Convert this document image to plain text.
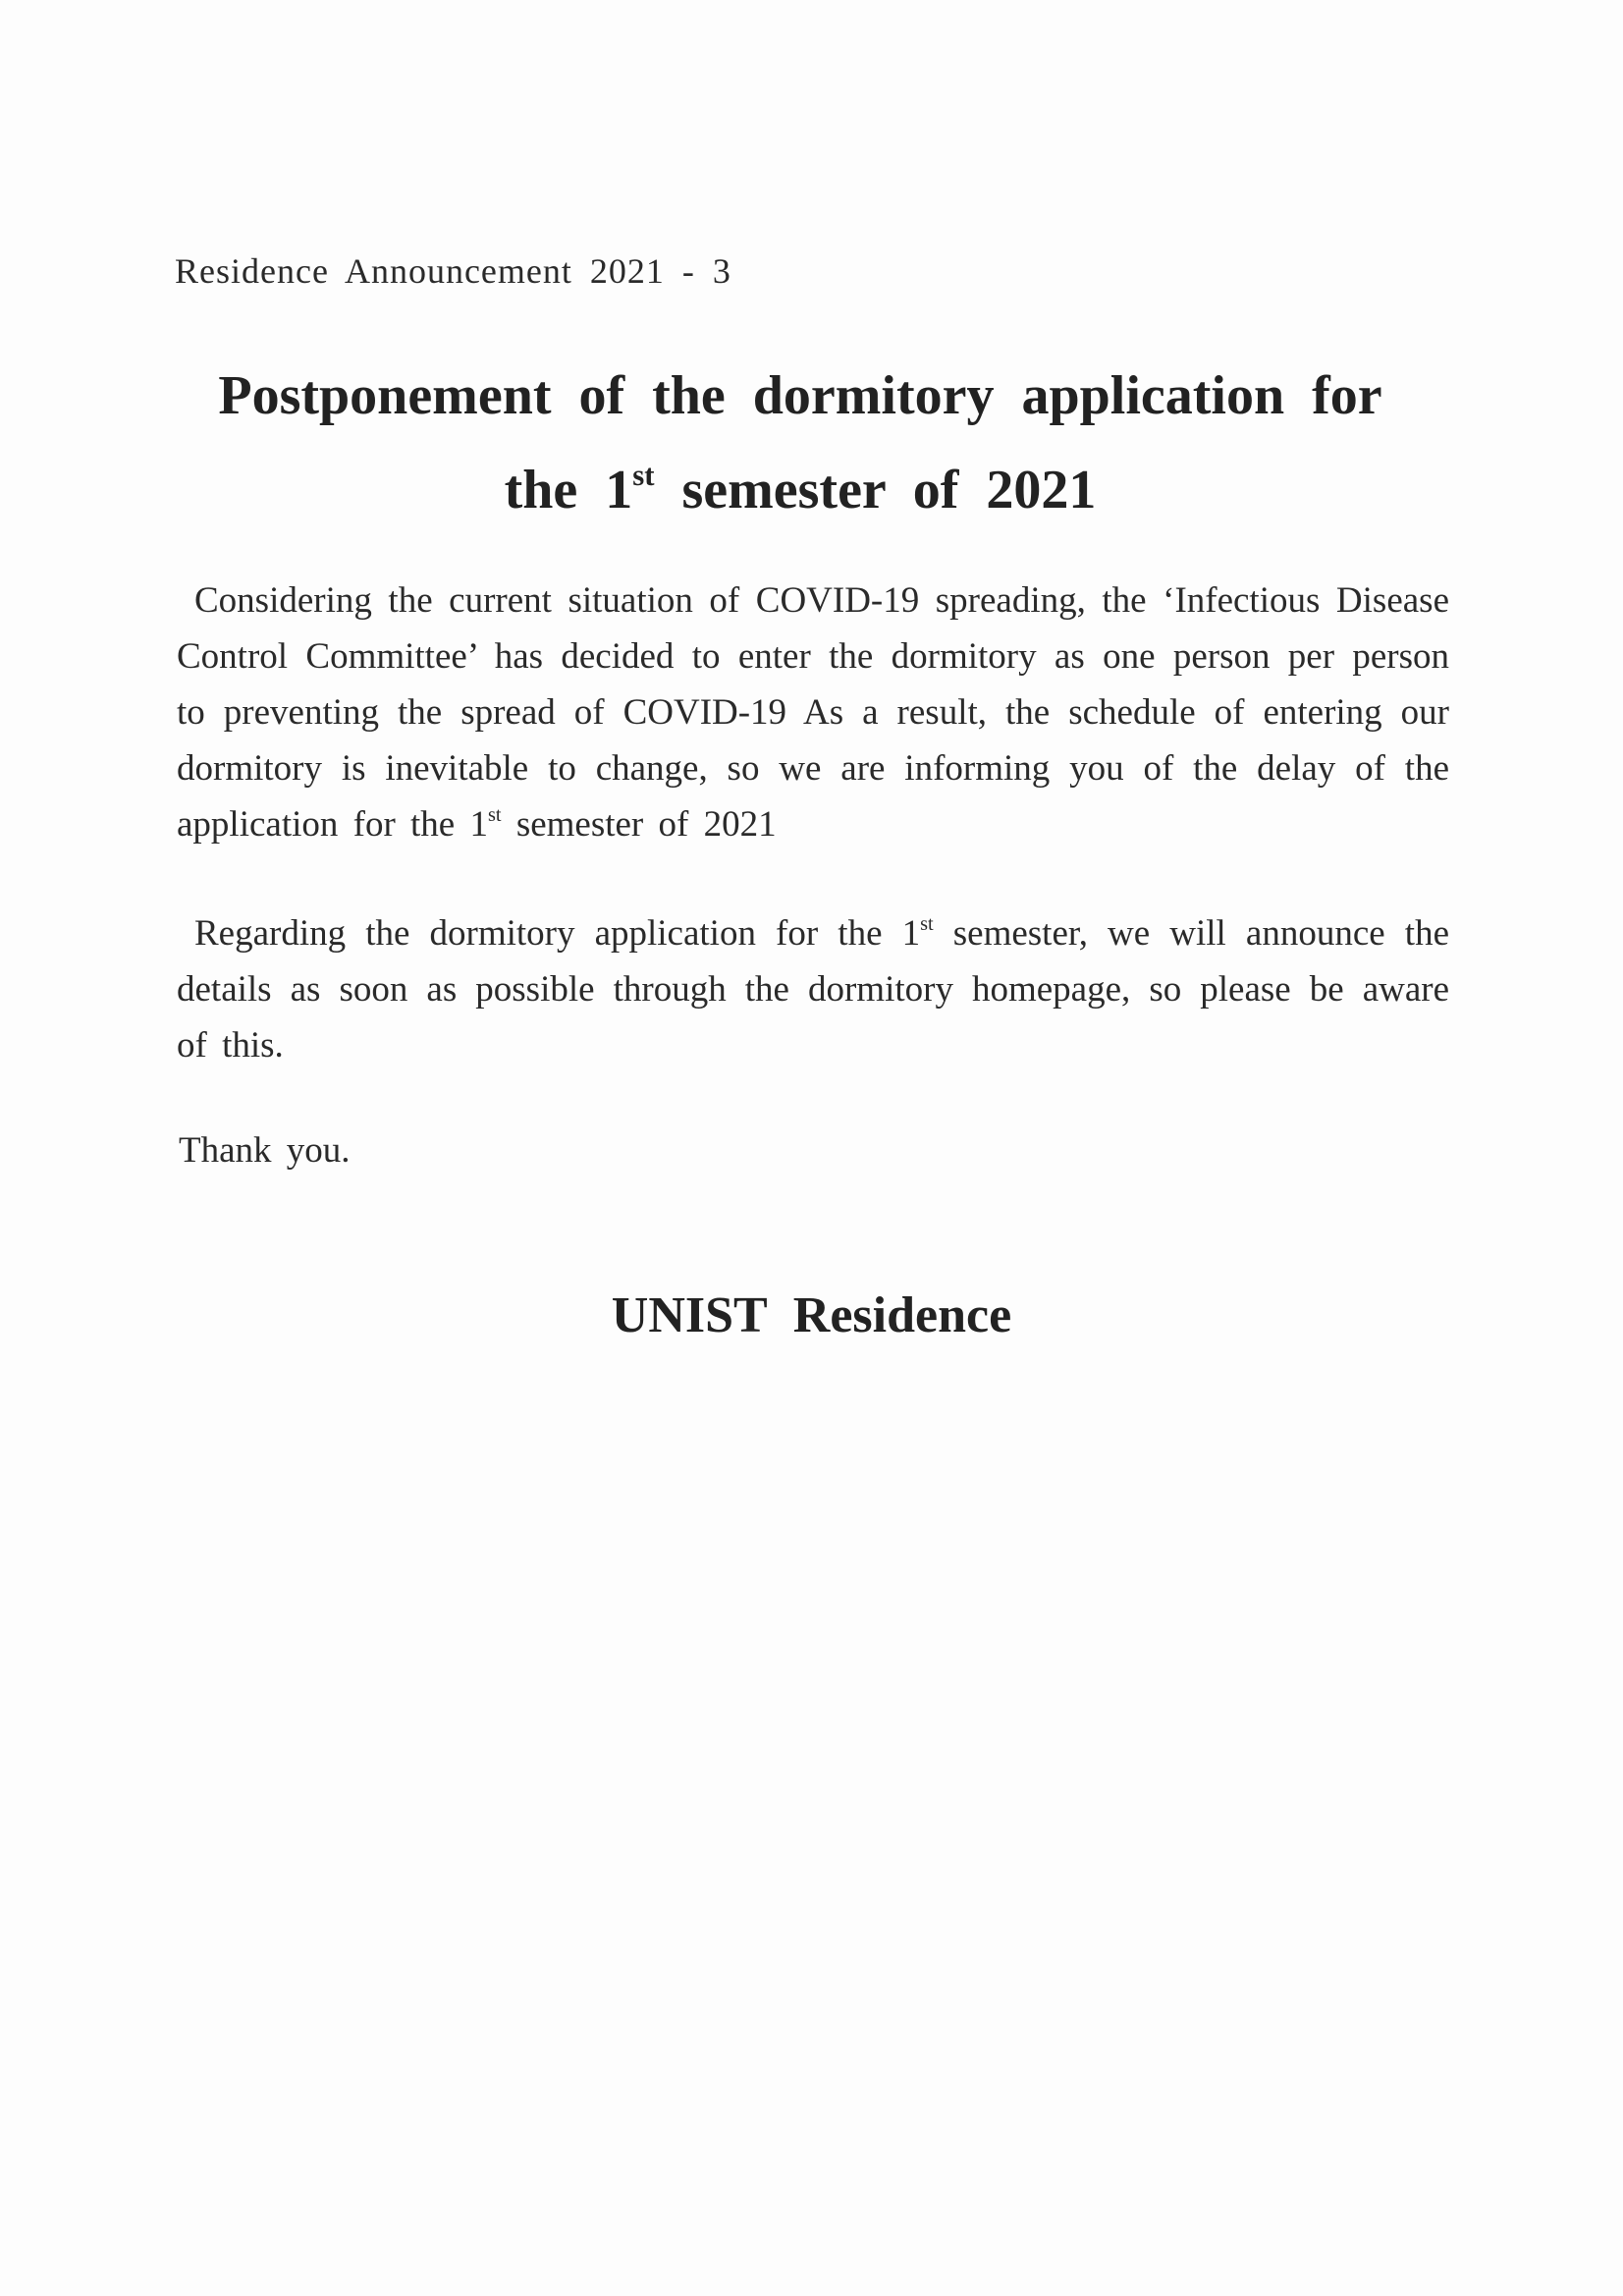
Residence Announcement 2021 - 3
Postponement of the dormitory application for
the 1st semester of 2021
Considering the current situation of COVID-19 spreading, the ‘Infectious Disease Control Committee’ has decided to enter the dormitory as one person per person to preventing the spread of COVID-19 As a result, the schedule of entering our dormitory is inevitable to change, so we are informing you of the delay of the application for the 1st semester of 2021
Regarding the dormitory application for the 1st semester, we will announce the details as soon as possible through the dormitory homepage, so please be aware of this.
Thank you.
UNIST Residence
